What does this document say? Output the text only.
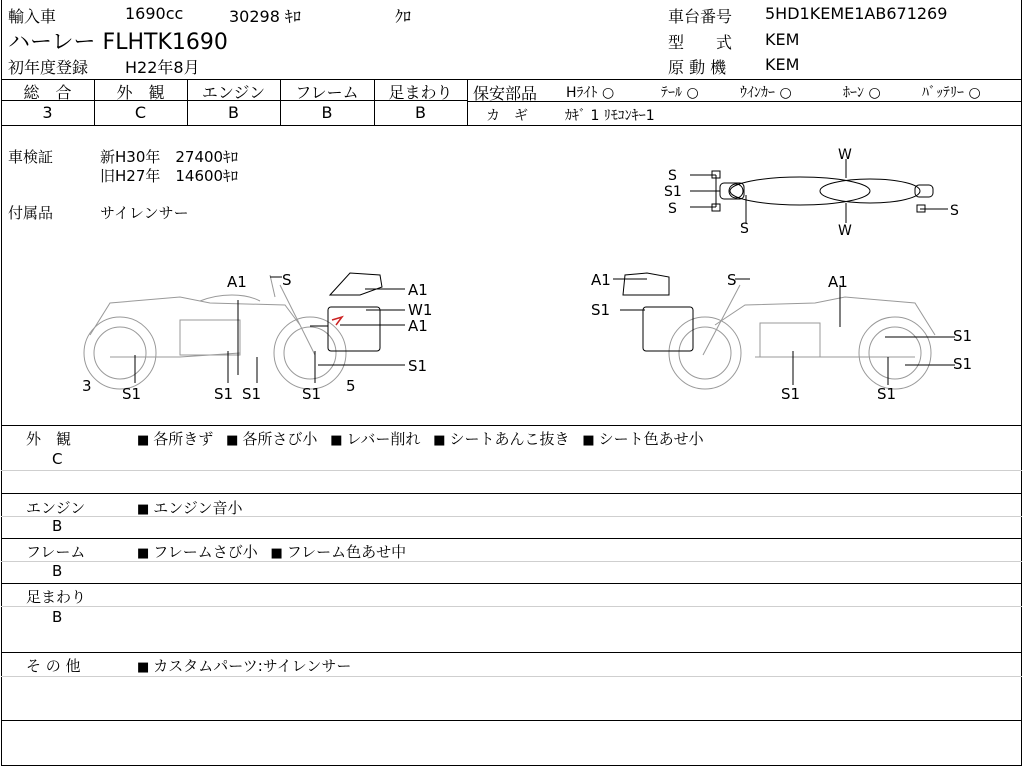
輸入車	1690cc	30298 ｷﾛ	ｸﾛ
ハーレー FLHTK1690
初年度登録 H22年8月
車台番号 5HD1KEME1AB671269
型　　式 KEM
原 動 機 KEM
総　合	外　観	エンジン	フレーム	足まわり
3	C	B	B	B
保安部品 Hﾗｲﾄ ○	ﾃｰﾙ ○	ｳｲﾝｶｰ ○	ﾎｰﾝ ○	ﾊﾞｯﾃﾘｰ ○
カ　ギ	ｶｷﾞ 1 ﾘﾓｺﾝｷｰ1
車検証	新H30年　27400ｷﾛ
旧H27年　14600ｷﾛ
付属品	サイレンサー
S
S1
S
S
W
W
S
A1 S
A1
W1
A1
S1
3 S1	S1 S1	S1 5
A1
S1
S	A1
S1
S1
S1	S1
外　観
C
■ 各所きず ■ 各所さび小 ■ レバー削れ ■ シートあんこ抜き ■ シート色あせ小
エンジン
B
■ エンジン音小
フレーム
B
■ フレームさび小 ■ フレーム色あせ中
足まわり
B
そ の 他	■ カスタムパーツ:サイレンサー
